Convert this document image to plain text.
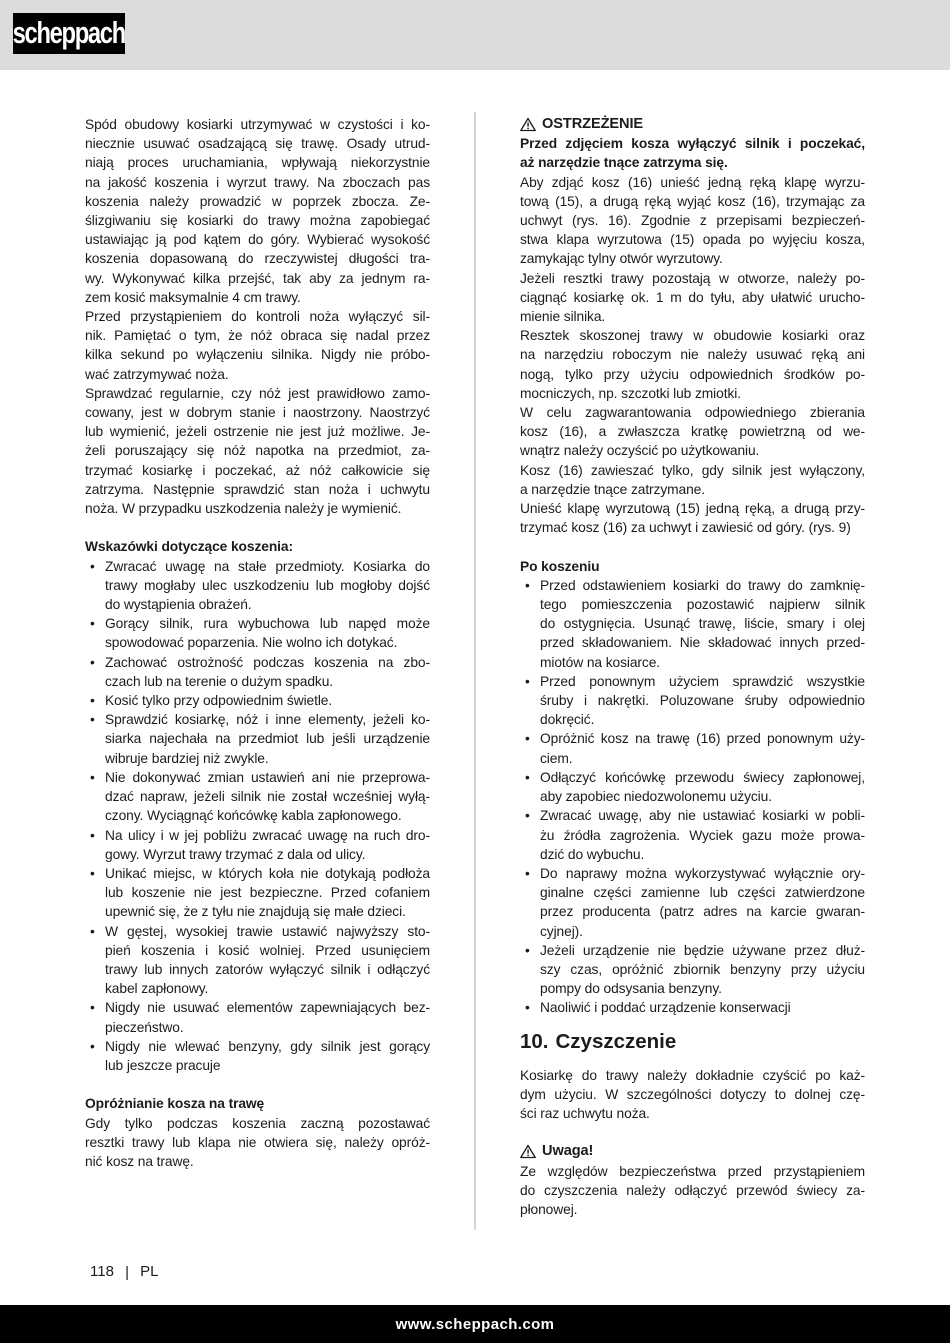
scheppach
Spód obudowy kosiarki utrzymywać w czystości i ko-
niecznie usuwać osadzającą się trawę. Osady utrud-
niają proces uruchamiania, wpływają niekorzystnie
na jakość koszenia i wyrzut trawy. Na zboczach pas
koszenia należy prowadzić w poprzek zbocza. Ze-
ślizgiwaniu się kosiarki do trawy można zapobiegać
ustawiając ją pod kątem do góry. Wybierać wysokość
koszenia dopasowaną do rzeczywistej długości tra-
wy. Wykonywać kilka przejść, tak aby za jednym ra-
zem kosić maksymalnie 4 cm trawy.
Przed przystąpieniem do kontroli noża wyłączyć sil-
nik. Pamiętać o tym, że nóż obraca się nadal przez
kilka sekund po wyłączeniu silnika. Nigdy nie próbo-
wać zatrzymywać noża.
Sprawdzać regularnie, czy nóż jest prawidłowo zamo-
cowany, jest w dobrym stanie i naostrzony. Naostrzyć
lub wymienić, jeżeli ostrzenie nie jest już możliwe. Je-
żeli poruszający się nóż napotka na przedmiot, za-
trzymać kosiarkę i poczekać, aż nóż całkowicie się
zatrzyma. Następnie sprawdzić stan noża i uchwytu
noża. W przypadku uszkodzenia należy je wymienić.
Wskazówki dotyczące koszenia:
• Zwracać uwagę na stałe przedmioty. Kosiarka do
trawy mogłaby ulec uszkodzeniu lub mogłoby dojść
do wystąpienia obrażeń.
• Gorący silnik, rura wybuchowa lub napęd może
spowodować poparzenia. Nie wolno ich dotykać.
• Zachować ostrożność podczas koszenia na zbo-
czach lub na terenie o dużym spadku.
• Kosić tylko przy odpowiednim świetle.
• Sprawdzić kosiarkę, nóż i inne elementy, jeżeli ko-
siarka najechała na przedmiot lub jeśli urządzenie
wibruje bardziej niż zwykle.
• Nie dokonywać zmian ustawień ani nie przeprowa-
dzać napraw, jeżeli silnik nie został wcześniej wyłą-
czony. Wyciągnąć końcówkę kabla zapłonowego.
• Na ulicy i w jej pobliżu zwracać uwagę na ruch dro-
gowy. Wyrzut trawy trzymać z dala od ulicy.
• Unikać miejsc, w których koła nie dotykają podłoża
lub koszenie nie jest bezpieczne. Przed cofaniem
upewnić się, że z tyłu nie znajdują się małe dzieci.
• W gęstej, wysokiej trawie ustawić najwyższy sto-
pień koszenia i kosić wolniej. Przed usunięciem
trawy lub innych zatorów wyłączyć silnik i odłączyć
kabel zapłonowy.
• Nigdy nie usuwać elementów zapewniających bez-
pieczeństwo.
• Nigdy nie wlewać benzyny, gdy silnik jest gorący
lub jeszcze pracuje
Opróżnianie kosza na trawę
Gdy tylko podczas koszenia zaczną pozostawać
resztki trawy lub klapa nie otwiera się, należy opróż-
nić kosz na trawę.
OSTRZEŻENIE
Przed zdjęciem kosza wyłączyć silnik i poczekać,
aż narzędzie tnące zatrzyma się.
Aby zdjąć kosz (16) unieść jedną ręką klapę wyrzu-
tową (15), a drugą ręką wyjąć kosz (16), trzymając za
uchwyt (rys. 16). Zgodnie z przepisami bezpieczeń-
stwa klapa wyrzutowa (15) opada po wyjęciu kosza,
zamykając tylny otwór wyrzutowy.
Jeżeli resztki trawy pozostają w otworze, należy po-
ciągnąć kosiarkę ok. 1 m do tyłu, aby ułatwić urucho-
mienie silnika.
Resztek skoszonej trawy w obudowie kosiarki oraz
na narzędziu roboczym nie należy usuwać ręką ani
nogą, tylko przy użyciu odpowiednich środków po-
mocniczych, np. szczotki lub zmiotki.
W celu zagwarantowania odpowiedniego zbierania
kosz (16), a zwłaszcza kratkę powietrzną od we-
wnątrz należy oczyścić po użytkowaniu.
Kosz (16) zawieszać tylko, gdy silnik jest wyłączony,
a narzędzie tnące zatrzymane.
Unieść klapę wyrzutową (15) jedną ręką, a drugą przy-
trzymać kosz (16) za uchwyt i zawiesić od góry. (rys. 9)
Po koszeniu
• Przed odstawieniem kosiarki do trawy do zamknię-
tego pomieszczenia pozostawić najpierw silnik
do ostygnięcia. Usunąć trawę, liście, smary i olej
przed składowaniem. Nie składować innych przed-
miotów na kosiarce.
• Przed ponownym użyciem sprawdzić wszystkie
śruby i nakrętki. Poluzowane śruby odpowiednio
dokręcić.
• Opróżnić kosz na trawę (16) przed ponownym uży-
ciem.
• Odłączyć końcówkę przewodu świecy zapłonowej,
aby zapobiec niedozwolonemu użyciu.
• Zwracać uwagę, aby nie ustawiać kosiarki w pobli-
żu źródła zagrożenia. Wyciek gazu może prowa-
dzić do wybuchu.
• Do naprawy można wykorzystywać wyłącznie ory-
ginalne części zamienne lub części zatwierdzone
przez producenta (patrz adres na karcie gwaran-
cyjnej).
• Jeżeli urządzenie nie będzie używane przez dłuż-
szy czas, opróżnić zbiornik benzyny przy użyciu
pompy do odsysania benzyny.
• Naoliwić i poddać urządzenie konserwacji
10. Czyszczenie
Kosiarkę do trawy należy dokładnie czyścić po każ-
dym użyciu. W szczególności dotyczy to dolnej czę-
ści raz uchwytu noża.
Uwaga!
Ze względów bezpieczeństwa przed przystąpieniem
do czyszczenia należy odłączyć przewód świecy za-
płonowej.
118 | PL
www.scheppach.com
